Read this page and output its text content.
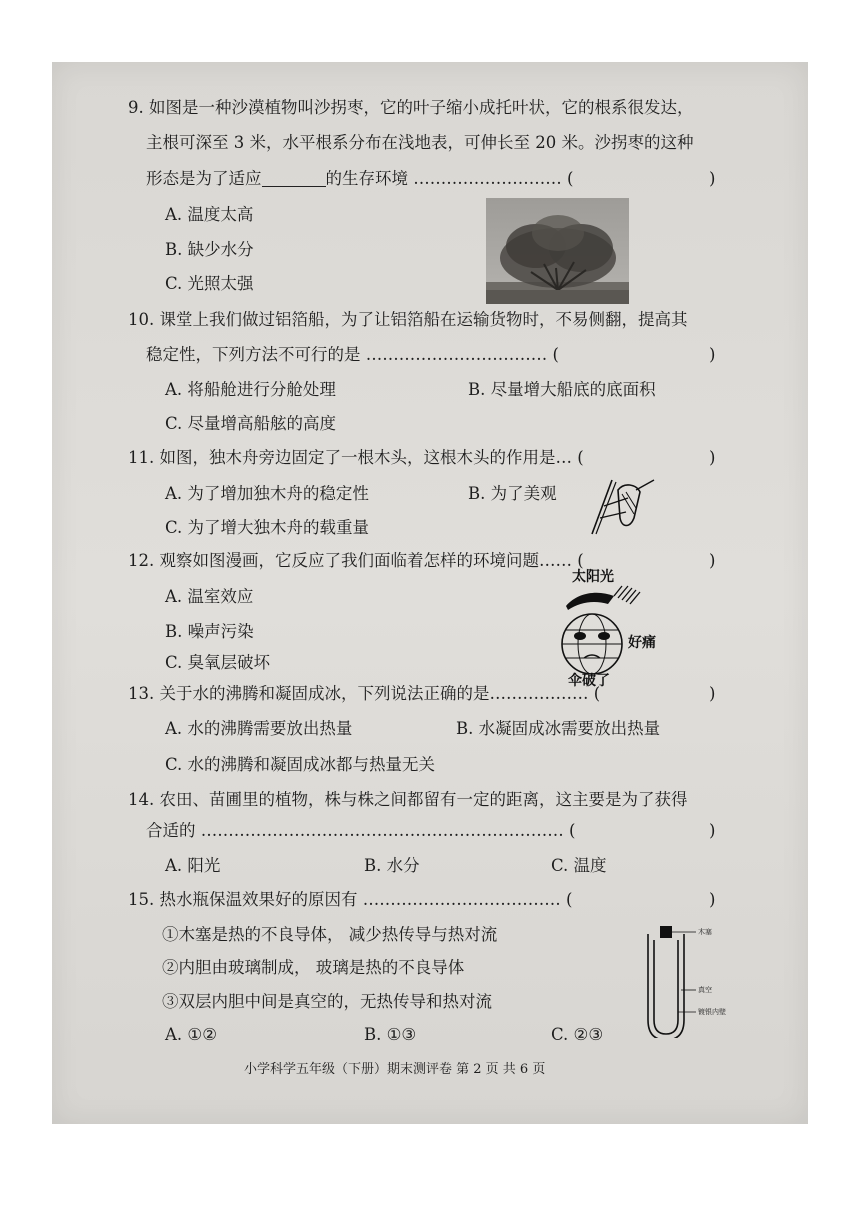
9. 如图是一种沙漠植物叫沙拐枣，它的叶子缩小成托叶状，它的根系很发达，
主根可深至 3 米，水平根系分布在浅地表，可伸长至 20 米。沙拐枣的这种
形态是为了适应	的生存环境 ……………………… (	)
A. 温度太高
B. 缺少水分
C. 光照太强
10. 课堂上我们做过铝箔船，为了让铝箔船在运输货物时，不易侧翻，提高其
稳定性，下列方法不可行的是 …………………………… (	)
A. 将船舱进行分舱处理	B. 尽量增大船底的底面积
C. 尽量增高船舷的高度
11. 如图，独木舟旁边固定了一根木头，这根木头的作用是… (	)
A. 为了增加独木舟的稳定性	B. 为了美观
C. 为了增大独木舟的载重量
12. 观察如图漫画，它反应了我们面临着怎样的环境问题…… (	)
A. 温室效应
B. 噪声污染
C. 臭氧层破坏
太阳光
好痛
伞破了
13. 关于水的沸腾和凝固成冰，下列说法正确的是……………… (	)
A. 水的沸腾需要放出热量	B. 水凝固成冰需要放出热量
C. 水的沸腾和凝固成冰都与热量无关
14. 农田、苗圃里的植物，株与株之间都留有一定的距离，这主要是为了获得
合适的 ………………………………………………………… (	)
A. 阳光	B. 水分	C. 温度
15. 热水瓶保温效果好的原因有 ……………………………… (	)
①木塞是热的不良导体， 减少热传导与热对流
②内胆由玻璃制成， 玻璃是热的不良导体
③双层内胆中间是真空的，无热传导和热对流
A. ①②	B. ①③	C. ②③
木塞
真空
镀银内壁
小学科学五年级（下册）期末测评卷 第 2 页 共 6 页
